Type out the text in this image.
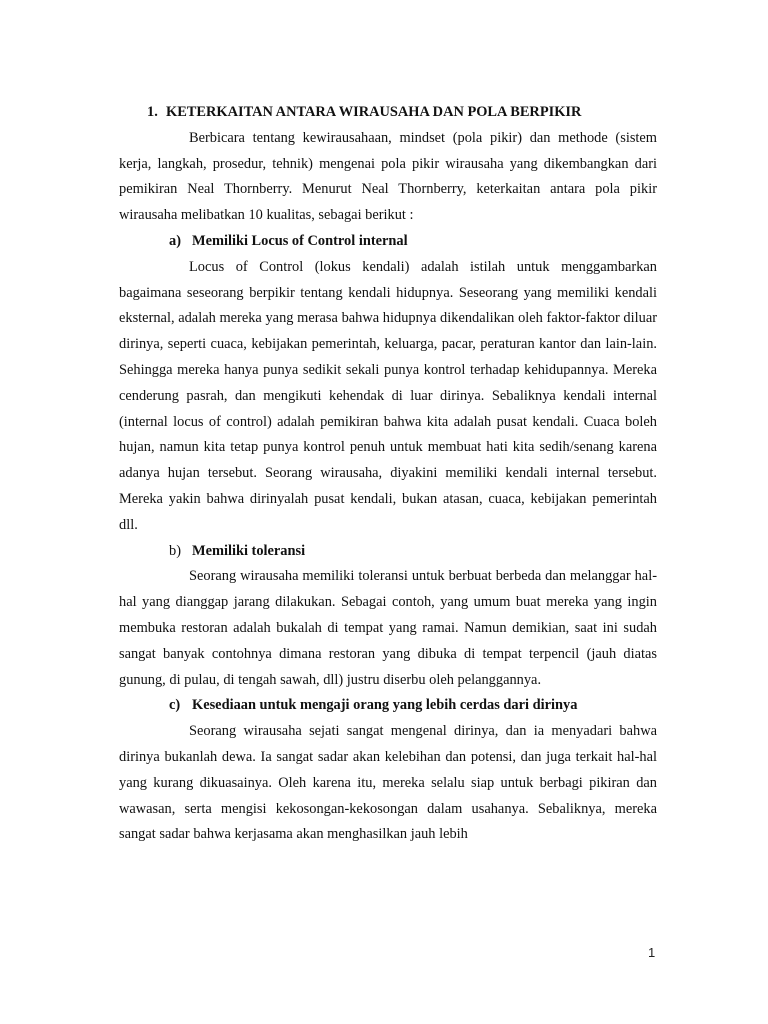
1. KETERKAITAN ANTARA WIRAUSAHA DAN POLA BERPIKIR

Berbicara tentang kewirausahaan, mindset (pola pikir) dan methode (sistem kerja, langkah, prosedur, tehnik) mengenai pola pikir wirausaha yang dikembangkan dari pemikiran Neal Thornberry. Menurut Neal Thornberry, keterkaitan antara pola pikir wirausaha melibatkan 10 kualitas, sebagai berikut :

a) Memiliki Locus of Control internal

Locus of Control (lokus kendali) adalah istilah untuk menggambarkan bagaimana seseorang berpikir tentang kendali hidupnya. Seseorang yang memiliki kendali eksternal, adalah mereka yang merasa bahwa hidupnya dikendalikan oleh faktor-faktor diluar dirinya, seperti cuaca, kebijakan pemerintah, keluarga, pacar, peraturan kantor dan lain-lain. Sehingga mereka hanya punya sedikit sekali punya kontrol terhadap kehidupannya. Mereka cenderung pasrah, dan mengikuti kehendak di luar dirinya. Sebaliknya kendali internal (internal locus of control) adalah pemikiran bahwa kita adalah pusat kendali. Cuaca boleh hujan, namun kita tetap punya kontrol penuh untuk membuat hati kita sedih/senang karena adanya hujan tersebut. Seorang wirausaha, diyakini memiliki kendali internal tersebut. Mereka yakin bahwa dirinyalah pusat kendali, bukan atasan, cuaca, kebijakan pemerintah dll.

b) Memiliki toleransi

Seorang wirausaha memiliki toleransi untuk berbuat berbeda dan melanggar hal-hal yang dianggap jarang dilakukan. Sebagai contoh, yang umum buat mereka yang ingin membuka restoran adalah bukalah di tempat yang ramai. Namun demikian, saat ini sudah sangat banyak contohnya dimana restoran yang dibuka di tempat terpencil (jauh diatas gunung, di pulau, di tengah sawah, dll) justru diserbu oleh pelanggannya.

c) Kesediaan untuk mengaji orang yang lebih cerdas dari dirinya

Seorang wirausaha sejati sangat mengenal dirinya, dan ia menyadari bahwa dirinya bukanlah dewa. Ia sangat sadar akan kelebihan dan potensi, dan juga terkait hal-hal yang kurang dikuasainya. Oleh karena itu, mereka selalu siap untuk berbagi pikiran dan wawasan, serta mengisi kekosongan-kekosongan dalam usahanya. Sebaliknya, mereka sangat sadar bahwa kerjasama akan menghasilkan jauh lebih

1
